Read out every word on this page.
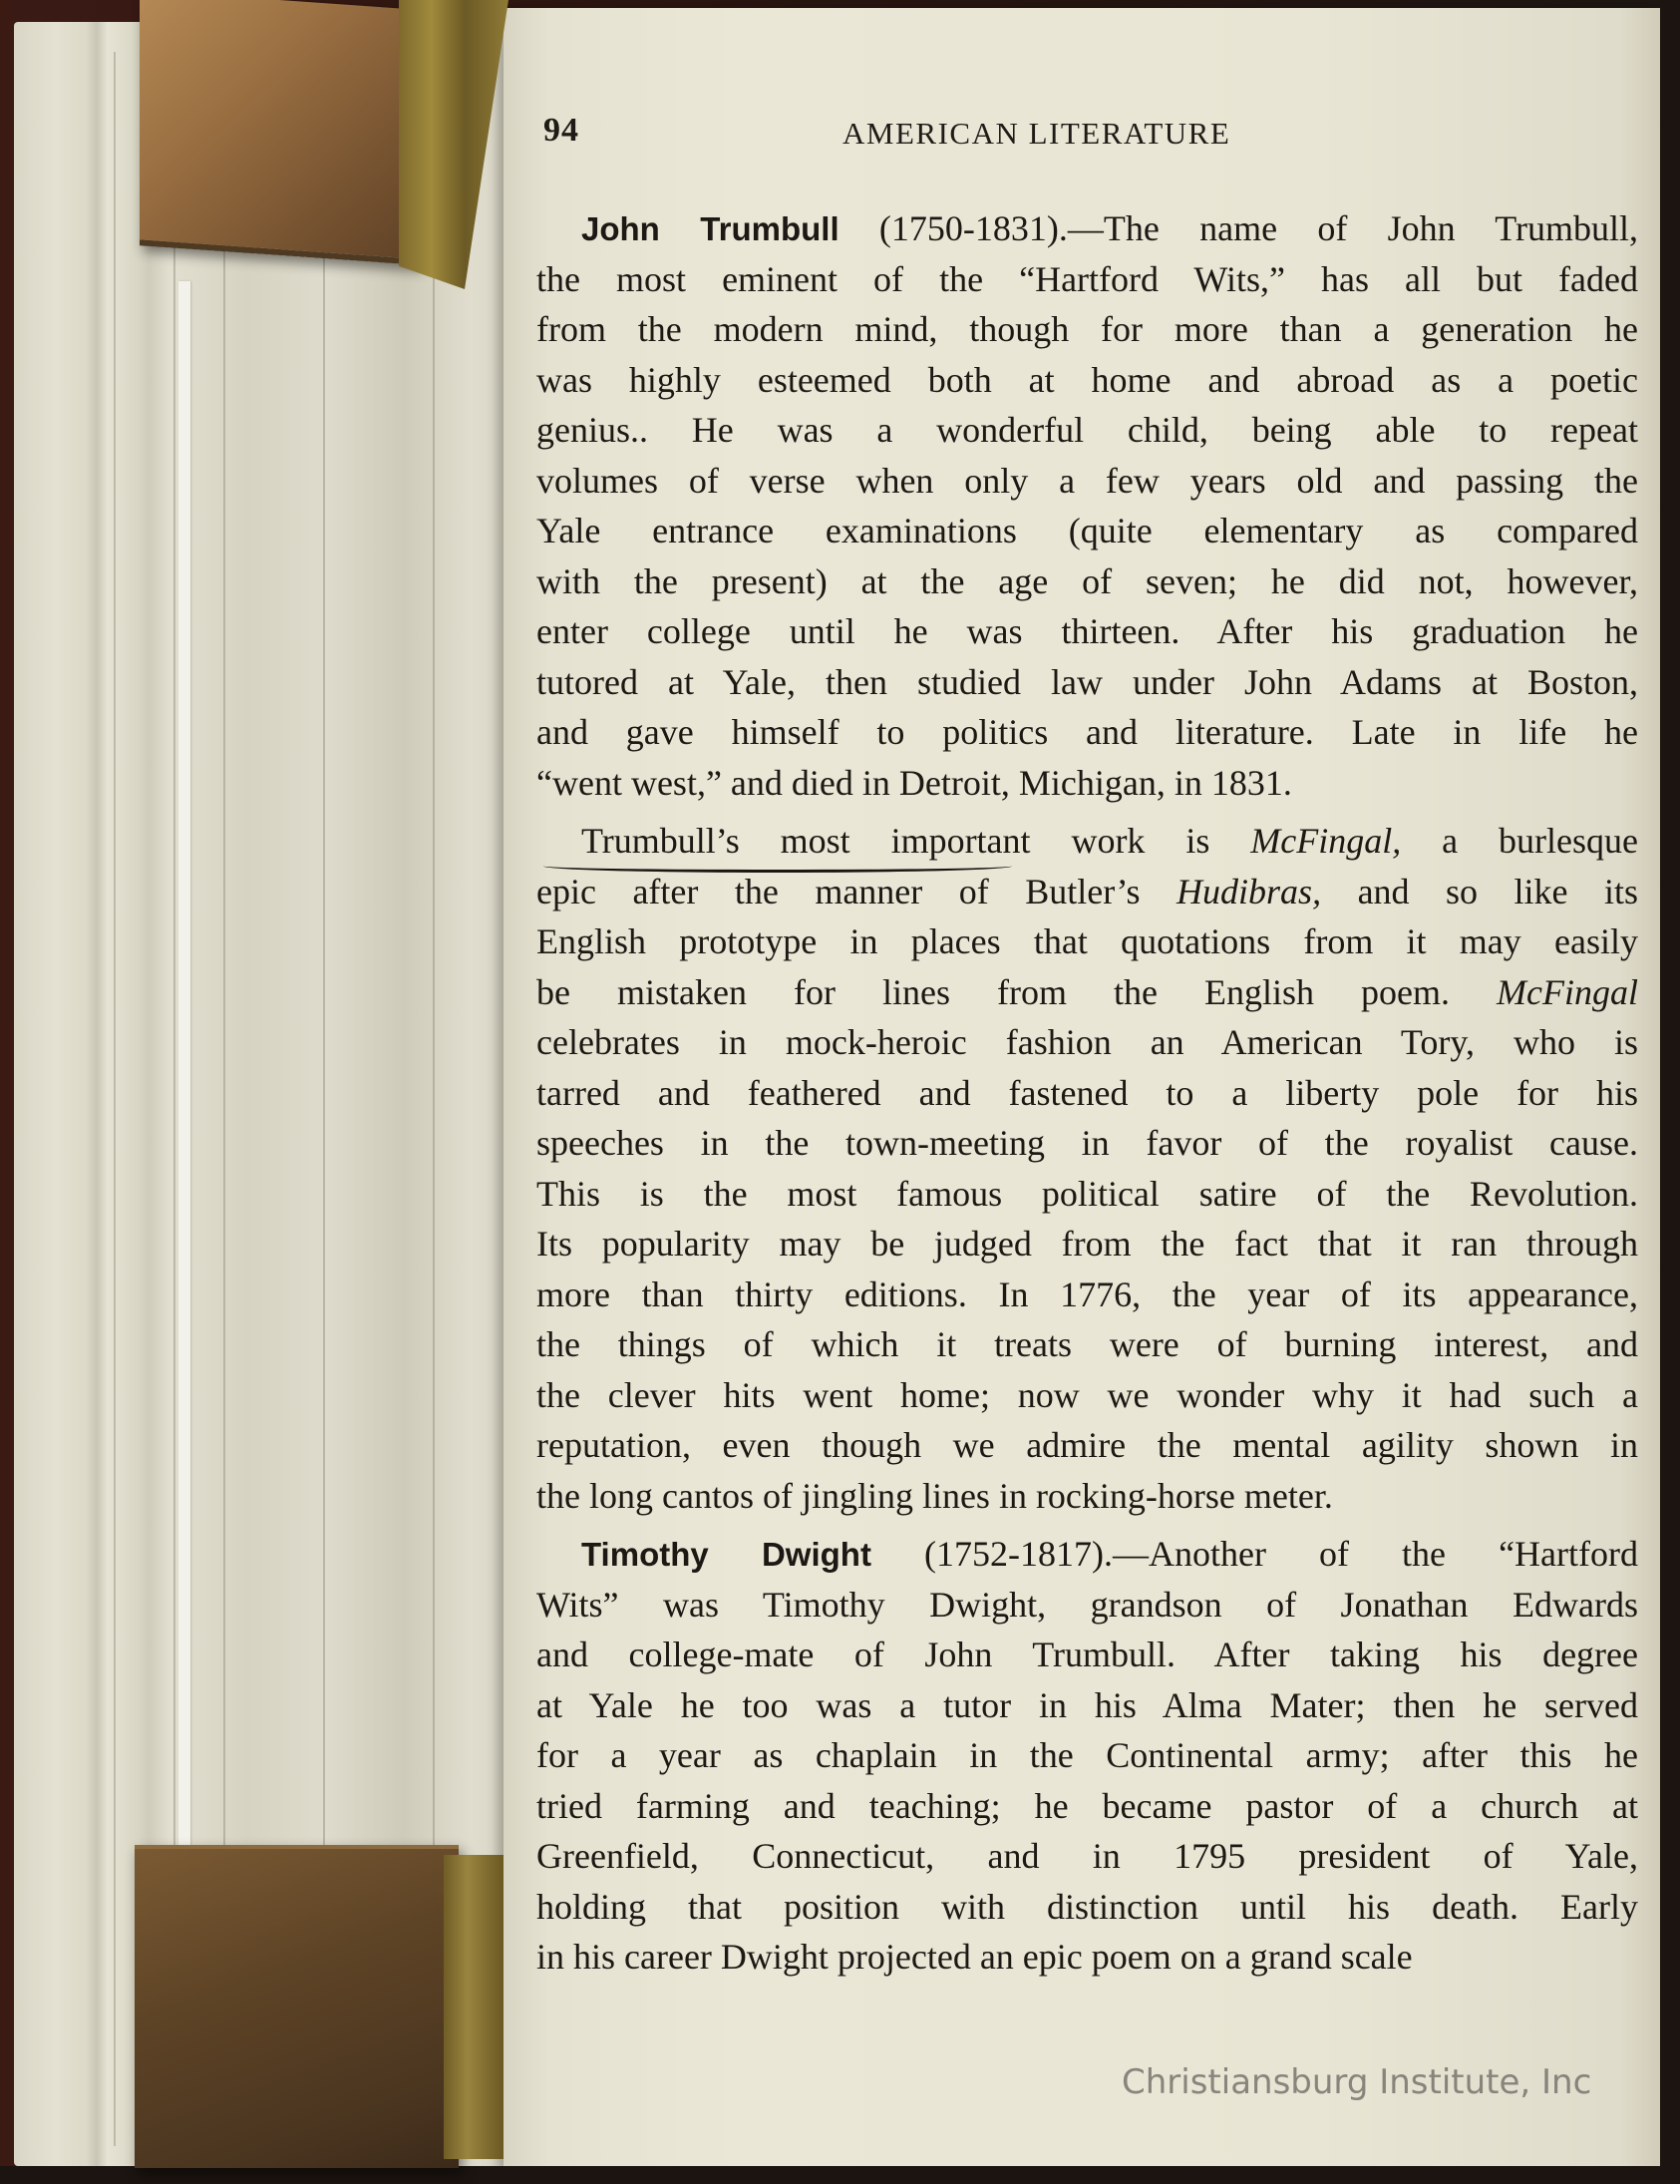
94	AMERICAN LITERATURE
John Trumbull (1750-1831).—The name of John Trumbull,
the most eminent of the “Hartford Wits,” has all but faded
from the modern mind, though for more than a generation he
was highly esteemed both at home and abroad as a poetic
genius.. He was a wonderful child, being able to repeat
volumes of verse when only a few years old and passing the
Yale entrance examinations (quite elementary as compared
with the present) at the age of seven; he did not, however,
enter college until he was thirteen. After his graduation he
tutored at Yale, then studied law under John Adams at Boston,
and gave himself to politics and literature. Late in life he
“went west,” and died in Detroit, Michigan, in 1831.
Trumbull’s most important work is McFingal, a burlesque
epic after the manner of Butler’s Hudibras, and so like its
English prototype in places that quotations from it may easily
be mistaken for lines from the English poem. McFingal
celebrates in mock-heroic fashion an American Tory, who is
tarred and feathered and fastened to a liberty pole for his
speeches in the town-meeting in favor of the royalist cause.
This is the most famous political satire of the Revolution.
Its popularity may be judged from the fact that it ran through
more than thirty editions. In 1776, the year of its appearance,
the things of which it treats were of burning interest, and
the clever hits went home; now we wonder why it had such a
reputation, even though we admire the mental agility shown in
the long cantos of jingling lines in rocking-horse meter.
Timothy Dwight (1752-1817).—Another of the “Hartford
Wits” was Timothy Dwight, grandson of Jonathan Edwards
and college-mate of John Trumbull. After taking his degree
at Yale he too was a tutor in his Alma Mater; then he served
for a year as chaplain in the Continental army; after this he
tried farming and teaching; he became pastor of a church at
Greenfield, Connecticut, and in 1795 president of Yale,
holding that position with distinction until his death. Early
in his career Dwight projected an epic poem on a grand scale
Christiansburg Institute, Inc
